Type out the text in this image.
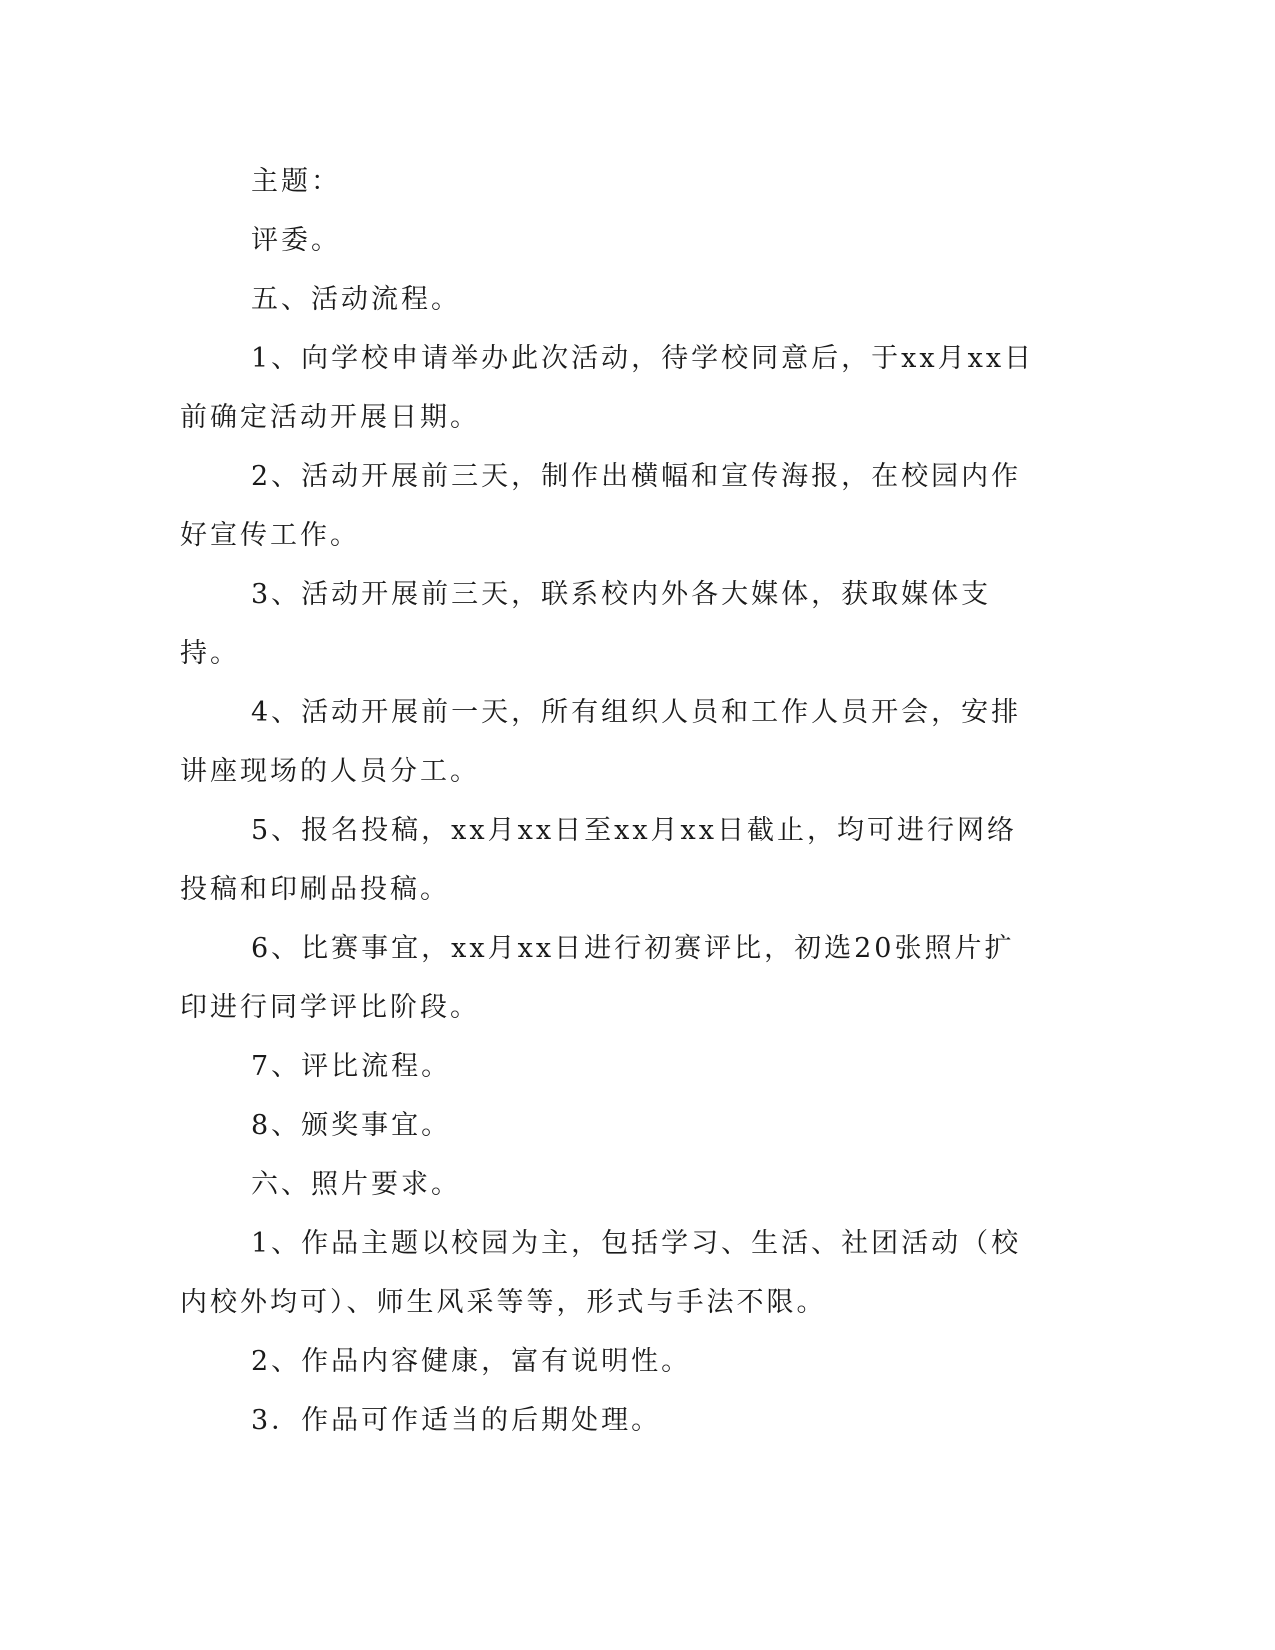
主题：

评委。

五、活动流程。

1、向学校申请举办此次活动，待学校同意后，于xx月xx日前确定活动开展日期。

2、活动开展前三天，制作出横幅和宣传海报，在校园内作好宣传工作。

3、活动开展前三天，联系校内外各大媒体，获取媒体支持。

4、活动开展前一天，所有组织人员和工作人员开会，安排讲座现场的人员分工。

5、报名投稿，xx月xx日至xx月xx日截止，均可进行网络投稿和印刷品投稿。

6、比赛事宜，xx月xx日进行初赛评比，初选20张照片扩印进行同学评比阶段。

7、评比流程。

8、颁奖事宜。

六、照片要求。

1、作品主题以校园为主，包括学习、生活、社团活动（校内校外均可）、师生风采等等，形式与手法不限。

2、作品内容健康，富有说明性。

3．作品可作适当的后期处理。
